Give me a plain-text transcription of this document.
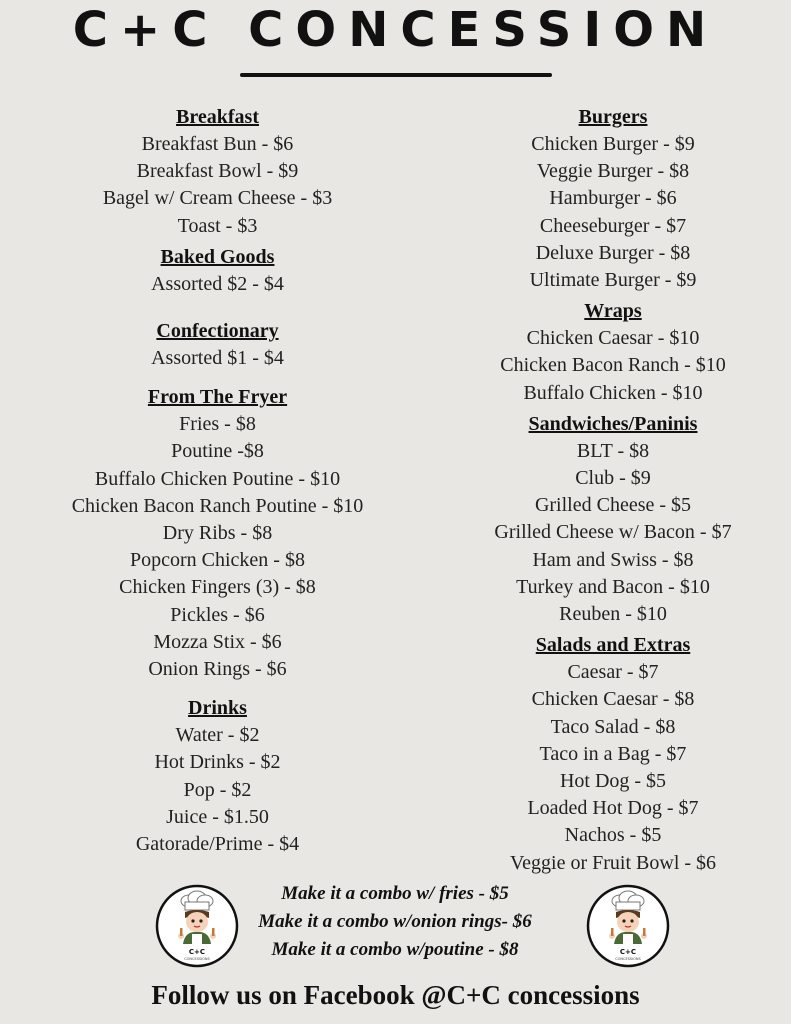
C+C CONCESSION
Breakfast
Breakfast Bun - $6
Breakfast Bowl - $9
Bagel w/ Cream Cheese - $3
Toast - $3
Baked Goods
Assorted $2 - $4
Confectionary
Assorted $1 - $4
From The Fryer
Fries - $8
Poutine -$8
Buffalo Chicken Poutine - $10
Chicken Bacon Ranch Poutine - $10
Dry Ribs - $8
Popcorn Chicken - $8
Chicken Fingers (3) - $8
Pickles - $6
Mozza Stix - $6
Onion Rings - $6
Drinks
Water - $2
Hot Drinks - $2
Pop - $2
Juice - $1.50
Gatorade/Prime - $4
Burgers
Chicken Burger - $9
Veggie Burger - $8
Hamburger - $6
Cheeseburger - $7
Deluxe Burger - $8
Ultimate Burger - $9
Wraps
Chicken Caesar - $10
Chicken Bacon Ranch - $10
Buffalo Chicken - $10
Sandwiches/Paninis
BLT - $8
Club - $9
Grilled Cheese - $5
Grilled Cheese w/ Bacon - $7
Ham and Swiss - $8
Turkey and Bacon - $10
Reuben - $10
Salads and Extras
Caesar - $7
Chicken Caesar - $8
Taco Salad - $8
Taco in a Bag - $7
Hot Dog - $5
Loaded Hot Dog - $7
Nachos - $5
Veggie or Fruit Bowl - $6
C+C
CONCESSIONS
C+C
CONCESSIONS
Make it a combo w/ fries - $5
Make it a combo w/onion rings- $6
Make it a combo w/poutine - $8
Follow us on Facebook @C+C concessions
